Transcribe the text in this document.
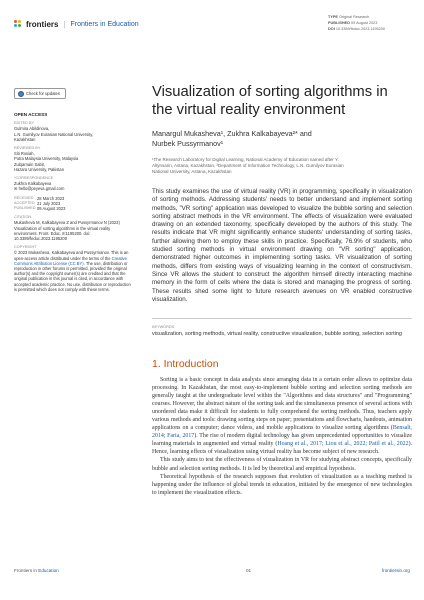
frontiers | Frontiers in Education
TYPE Original Research
PUBLISHED 09 August 2023
DOI 10.3389/feduc.2023.1195200
Check for updates
OPEN ACCESS
EDITED BY
Gulmira Abildinova,
L.N. Gumilyov Eurasian National University,
Kazakhstan
REVIEWED BY
Siti Rosiah,
Putra Malaysia University, Malaysia
Zulqarnain Sabir,
Hazara University, Pakistan
*CORRESPONDENCE
Zukhra Kalkabayeva
✉ hello@peyeva.gmail.com
RECEIVED 28 March 2023
ACCEPTED 21 July 2023
PUBLISHED 09 August 2023
CITATION
Mukasheva M, Kalkabayeva Z and Pussyrmanov N (2023) Visualization of sorting algorithms in the virtual reality environment. Front. Educ. 8:1195200. doi: 10.3389/feduc.2023.1195200
COPYRIGHT
© 2023 Mukasheva, Kalkabayeva and Pussyrmanov. This is an open-access article distributed under the terms of the Creative Commons Attribution License (CC BY). The use, distribution or reproduction in other forums is permitted, provided the original author(s) and the copyright owner(s) are credited and that the original publication in this journal is cited, in accordance with accepted academic practice. No use, distribution or reproduction is permitted which does not comply with these terms.
Visualization of sorting algorithms in the virtual reality environment
Manargul Mukasheva¹, Zukhra Kalkabayeva²* and
Nurbek Pussyrmanov¹
¹The Research Laboratory for Digital Learning, National Academy of Education named after Y.
Altynsarin, Astana, Kazakhstan, ²Department of Information Technology, L.N. Gumilyov Eurasian
National University, Astana, Kazakhstan
This study examines the use of virtual reality (VR) in programming, specifically in visualization of sorting methods. Addressing students' needs to better understand and implement sorting methods, "VR sorting" application was developed to visualize the bubble sorting and selection sorting abstract methods in the VR environment. The effects of visualization were evaluated drawing on an extended taxonomy, specifically developed by the authors of this study. The results indicate that VR might significantly enhance students' understanding of sorting tasks, further allowing them to employ these skills in practice. Specifically, 76.9% of students, who studied sorting methods in virtual environment drawing on "VR sorting" application, demonstrated higher outcomes in implementing sorting tasks. VR visualization of sorting methods, differs from existing ways of visualizing learning in the context of constructivism. Since VR allows the student to construct the algorithm himself directly interacting machine memory in the form of cells where the data is stored and managing the progress of sorting. These results shed some light to future research avenues on VR enabled constructive visualization.
KEYWORDS
visualization, sorting methods, virtual reality, constructive visualization, bubble sorting, selection sorting
1. Introduction

Sorting is a basic concept in data analysis since arranging data in a certain order allows to optimize data processing. In Kazakhstan, the most easy-to-implement bubble sorting and selection sorting methods are generally taught at the undergraduate level within the "Algorithms and data structures" and "Programming" courses. However, the abstract nature of the sorting task and the simultaneous presence of several actions with unordered data make it difficult for students to fully comprehend the sorting methods. Thus, teachers apply various methods and tools: drawing sorting steps on paper; presentations and flowcharts, handouts, animation applications on a computer; dance videos, and mobile applications to visualize sorting algorithms (Bensalt, 2014; Faria, 2017). The rise of modern digital technology has given unprecedented opportunities to visualize learning materials in augmented and virtual reality (Hoang et al., 2017; Liou et al., 2022; Patil et al., 2022). Hence, learning effects of visualization using virtual reality has become subject of new research.

This study aims to test the effectiveness of visualization in VR for studying abstract concepts, specifically bubble and selection sorting methods. It is led by theoretical and empirical hypothesis.

Theoretical hypothesis of the research supposes that evolution of visualization as a teaching method is happening under the influence of global trends in education, initiated by the emergence of new technologies to implement the visualization effects.

Frontiers in Education	01	frontiersin.org
